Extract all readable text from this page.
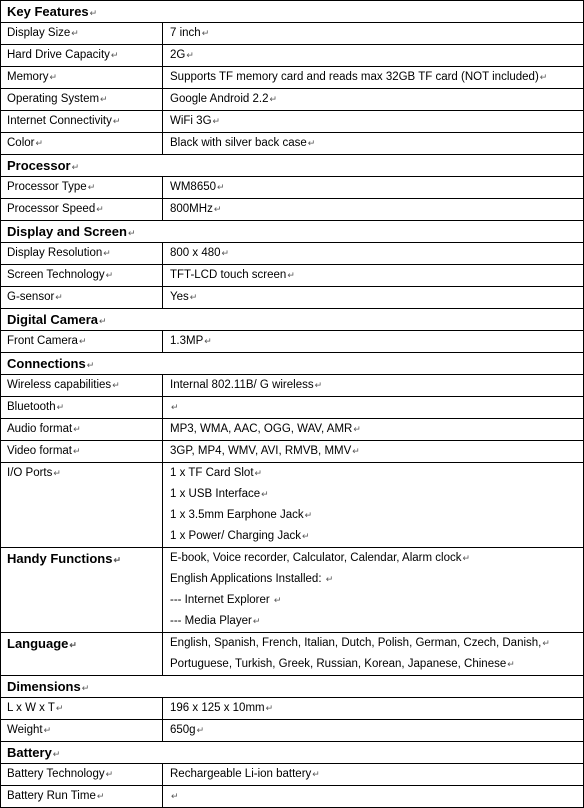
Key Features↵
Display Size↵	7 inch↵
Hard Drive Capacity↵	2G↵
Memory↵	Supports TF memory card and reads max 32GB TF card (NOT included)↵
Operating System↵	Google Android 2.2↵
Internet Connectivity↵	WiFi 3G↵
Color↵	Black with silver back case↵
Processor↵
Processor Type↵	WM8650↵
Processor Speed↵	800MHz↵
Display and Screen↵
Display Resolution↵	800 x 480↵
Screen Technology↵	TFT-LCD touch screen↵
G-sensor↵	Yes↵
Digital Camera↵
Front Camera↵	1.3MP↵
Connections↵
Wireless capabilities↵	Internal 802.11B/ G wireless↵
Bluetooth↵	↵
Audio format↵	MP3, WMA, AAC, OGG, WAV, AMR↵
Video format↵	3GP, MP4, WMV, AVI, RMVB, MMV↵
I/O Ports↵	1 x TF Card Slot↵
1 x USB Interface↵
1 x 3.5mm Earphone Jack↵
1 x Power/ Charging Jack↵
Handy Functions↵	E-book, Voice recorder, Calculator, Calendar, Alarm clock↵
English Applications Installed: ↵
--- Internet Explorer ↵
--- Media Player↵
Language↵	English, Spanish, French, Italian, Dutch, Polish, German, Czech, Danish,↵
Portuguese, Turkish, Greek, Russian, Korean, Japanese, Chinese↵
Dimensions↵
L x W x T↵	196 x 125 x 10mm↵
Weight↵	650g↵
Battery↵
Battery Technology↵	Rechargeable Li-ion battery↵
Battery Run Time↵	↵
